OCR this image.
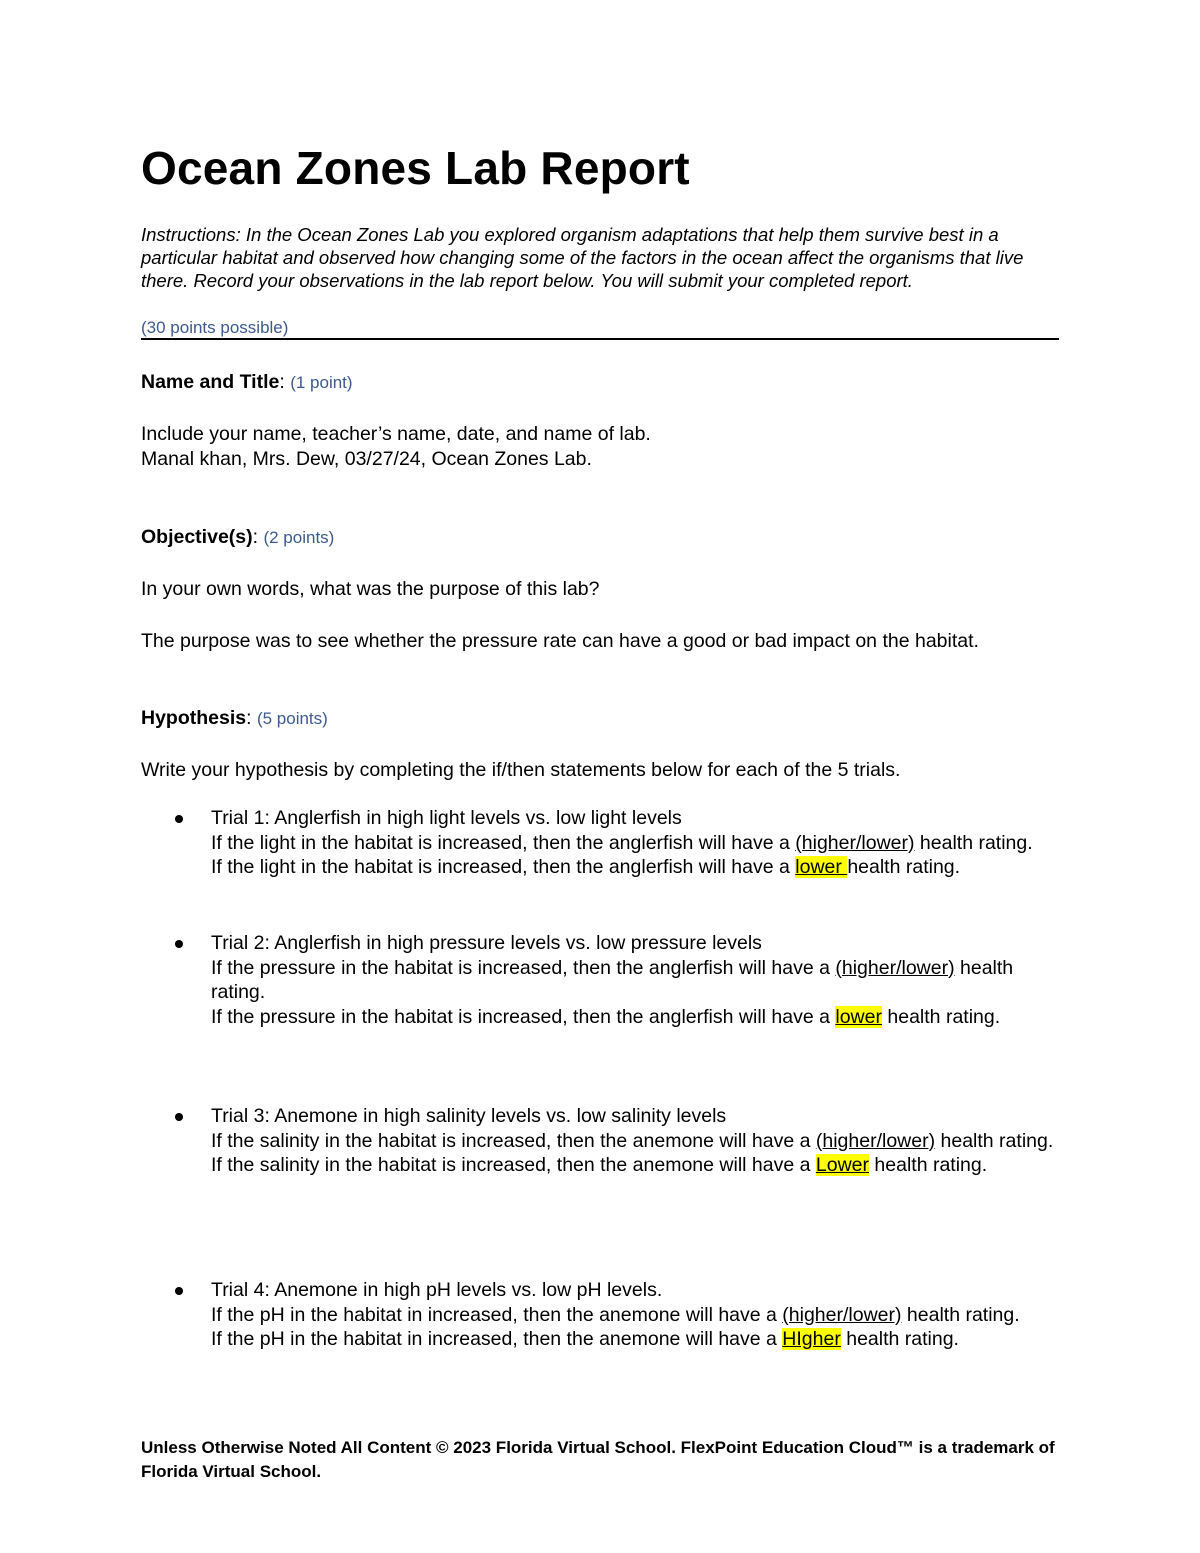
Ocean Zones Lab Report
Instructions: In the Ocean Zones Lab you explored organism adaptations that help them survive best in a particular habitat and observed how changing some of the factors in the ocean affect the organisms that live there. Record your observations in the lab report below. You will submit your completed report.
(30 points possible)
Name and Title: (1 point)
Include your name, teacher’s name, date, and name of lab.
Manal khan, Mrs. Dew, 03/27/24, Ocean Zones Lab.
Objective(s): (2 points)
In your own words, what was the purpose of this lab?
The purpose was to see whether the pressure rate can have a good or bad impact on the habitat.
Hypothesis: (5 points)
Write your hypothesis by completing the if/then statements below for each of the 5 trials.
Trial 1: Anglerfish in high light levels vs. low light levels
If the light in the habitat is increased, then the anglerfish will have a (higher/lower) health rating.
If the light in the habitat is increased, then the anglerfish will have a lower health rating.
Trial 2: Anglerfish in high pressure levels vs. low pressure levels
If the pressure in the habitat is increased, then the anglerfish will have a (higher/lower) health rating.
If the pressure in the habitat is increased, then the anglerfish will have a lower health rating.
Trial 3: Anemone in high salinity levels vs. low salinity levels
If the salinity in the habitat is increased, then the anemone will have a (higher/lower) health rating.
If the salinity in the habitat is increased, then the anemone will have a Lower health rating.
Trial 4: Anemone in high pH levels vs. low pH levels.
If the pH in the habitat in increased, then the anemone will have a (higher/lower) health rating.
If the pH in the habitat in increased, then the anemone will have a HIgher health rating.
Unless Otherwise Noted All Content © 2023 Florida Virtual School. FlexPoint Education Cloud™ is a trademark of Florida Virtual School.
